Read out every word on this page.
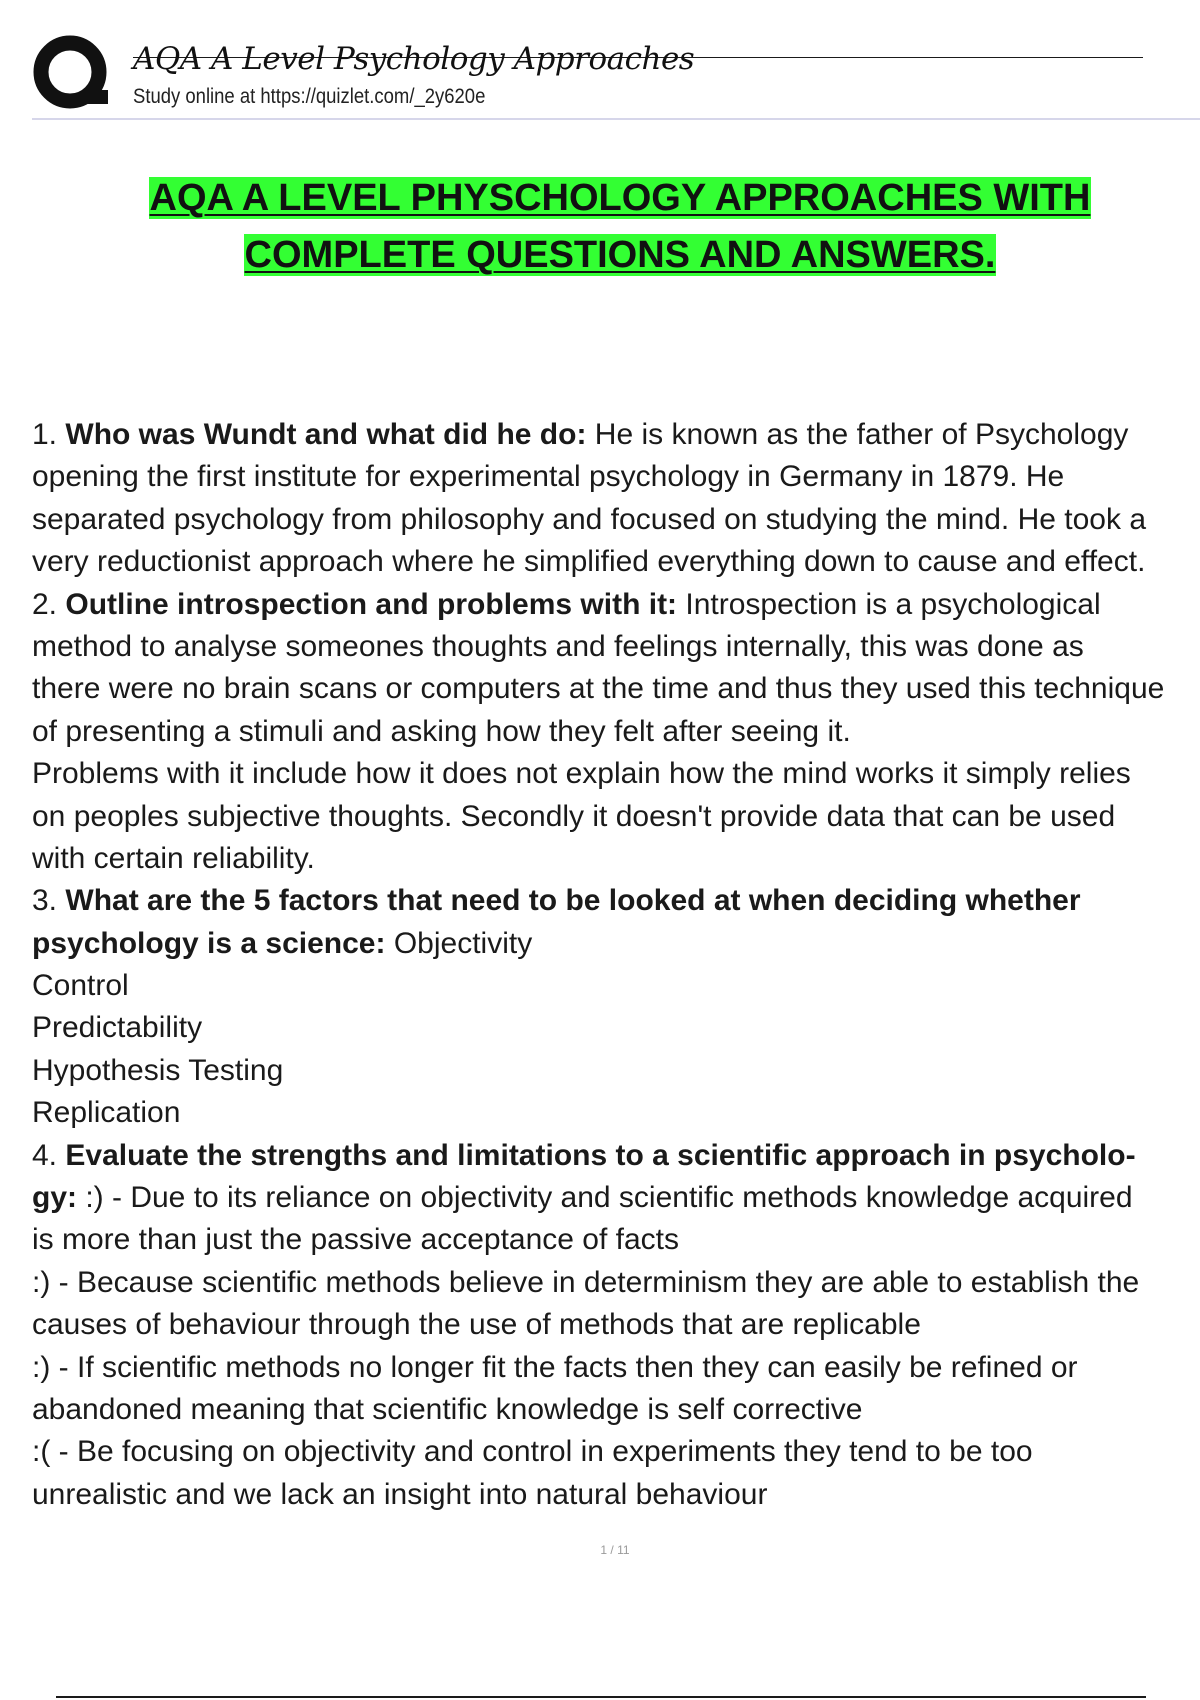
AQA A Level Psychology Approaches
Study online at https://quizlet.com/_2y620e
AQA A LEVEL PHYSCHOLOGY APPROACHES WITH
COMPLETE QUESTIONS AND ANSWERS.
1. Who was Wundt and what did he do: He is known as the father of Psychology
opening the first institute for experimental psychology in Germany in 1879. He
separated psychology from philosophy and focused on studying the mind. He took a
very reductionist approach where he simplified everything down to cause and effect.
2. Outline introspection and problems with it: Introspection is a psychological
method to analyse someones thoughts and feelings internally, this was done as
there were no brain scans or computers at the time and thus they used this technique
of presenting a stimuli and asking how they felt after seeing it.
Problems with it include how it does not explain how the mind works it simply relies
on peoples subjective thoughts. Secondly it doesn't provide data that can be used
with certain reliability.
3. What are the 5 factors that need to be looked at when deciding whether
psychology is a science: Objectivity
Control
Predictability
Hypothesis Testing
Replication
4. Evaluate the strengths and limitations to a scientific approach in psycholo-
gy: :) - Due to its reliance on objectivity and scientific methods knowledge acquired
is more than just the passive acceptance of facts
:) - Because scientific methods believe in determinism they are able to establish the
causes of behaviour through the use of methods that are replicable
:) - If scientific methods no longer fit the facts then they can easily be refined or
abandoned meaning that scientific knowledge is self corrective
:( - Be focusing on objectivity and control in experiments they tend to be too
unrealistic and we lack an insight into natural behaviour
1 / 11
